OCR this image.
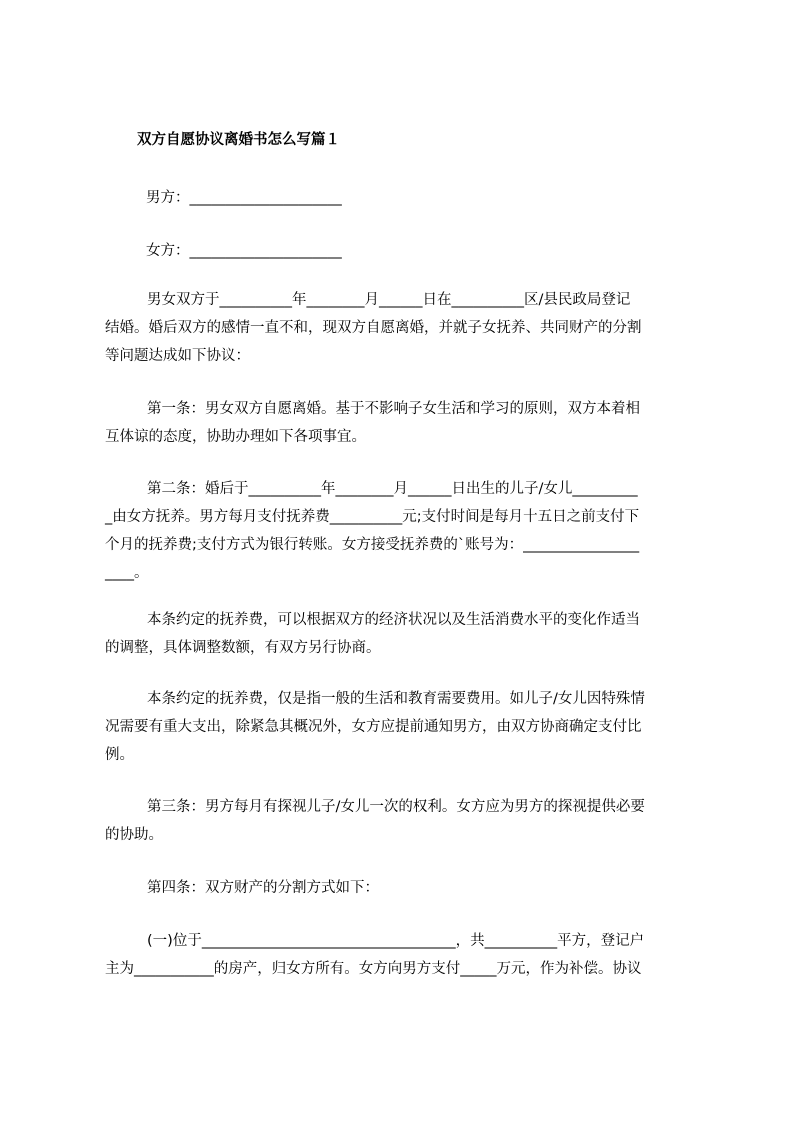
双方自愿协议离婚书怎么写篇１
男方：_____________________
女方：_____________________
男女双方于__________年________月______日在__________区/县民政局登记
结婚。婚后双方的感情一直不和，现双方自愿离婚，并就子女抚养、共同财产的分割
等问题达成如下协议：
第一条：男女双方自愿离婚。基于不影响子女生活和学习的原则，双方本着相
互体谅的态度，协助办理如下各项事宜。
第二条：婚后于__________年________月______日出生的儿子/女儿_________
_由女方抚养。男方每月支付抚养费__________元;支付时间是每月十五日之前支付下
个月的抚养费;支付方式为银行转账。女方接受抚养费的`账号为：________________
____。
本条约定的抚养费，可以根据双方的经济状况以及生活消费水平的变化作适当
的调整，具体调整数额，有双方另行协商。
本条约定的抚养费，仅是指一般的生活和教育需要费用。如儿子/女儿因特殊情
况需要有重大支出，除紧急其概况外，女方应提前通知男方，由双方协商确定支付比
例。
第三条：男方每月有探视儿子/女儿一次的权利。女方应为男方的探视提供必要
的协助。
第四条：双方财产的分割方式如下：
(一)位于___________________________________，共__________平方，登记户
主为___________的房产，归女方所有。女方向男方支付_____万元，作为补偿。协议
